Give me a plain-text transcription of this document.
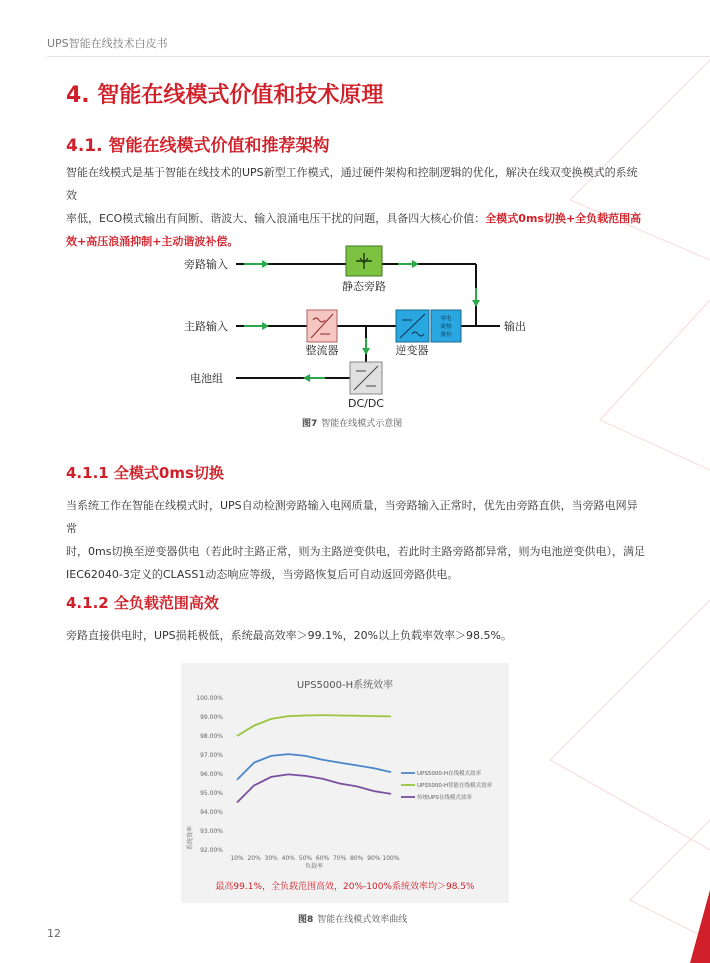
UPS智能在线技术白皮书
4. 智能在线模式价值和技术原理
4.1. 智能在线模式价值和推荐架构
智能在线模式是基于智能在线技术的UPS新型工作模式，通过硬件架构和控制逻辑的优化，解决在线双变换模式的系统效
率低，ECO模式输出有间断、谐波大、输入浪涌电压干扰的问题，具备四大核心价值：全模式0ms切换+全负载范围高
效+高压浪涌抑制+主动谐波补偿。
静态旁路
整流器	逆变器
零电
流热
备份
DC/DC
旁路输入
主路输入
电池组
输出
图7 智能在线模式示意图
4.1.1 全模式0ms切换
当系统工作在智能在线模式时，UPS自动检测旁路输入电网质量，当旁路输入正常时，优先由旁路直供，当旁路电网异常
时，0ms切换至逆变器供电（若此时主路正常，则为主路逆变供电，若此时主路旁路都异常，则为电池逆变供电），满足
IEC62040-3定义的CLASS1动态响应等级，当旁路恢复后可自动返回旁路供电。
4.1.2 全负载范围高效
旁路直接供电时，UPS损耗极低，系统最高效率＞99.1%，20%以上负载率效率＞98.5%。
UPS5000-H系统效率
系统效率
负载率
92.00%
93.00%
94.00%
95.00%
96.00%
97.00%
98.00%
99.00%
100.00%
10% 20% 30% 40% 50% 60% 70% 80% 90% 100%
UPS5000-H在线模式效率
UPS5000-H智能在线模式效率
传统UPS在线模式效率
最高99.1%，全负载范围高效，20%-100%系统效率均＞98.5%
图8 智能在线模式效率曲线
12
